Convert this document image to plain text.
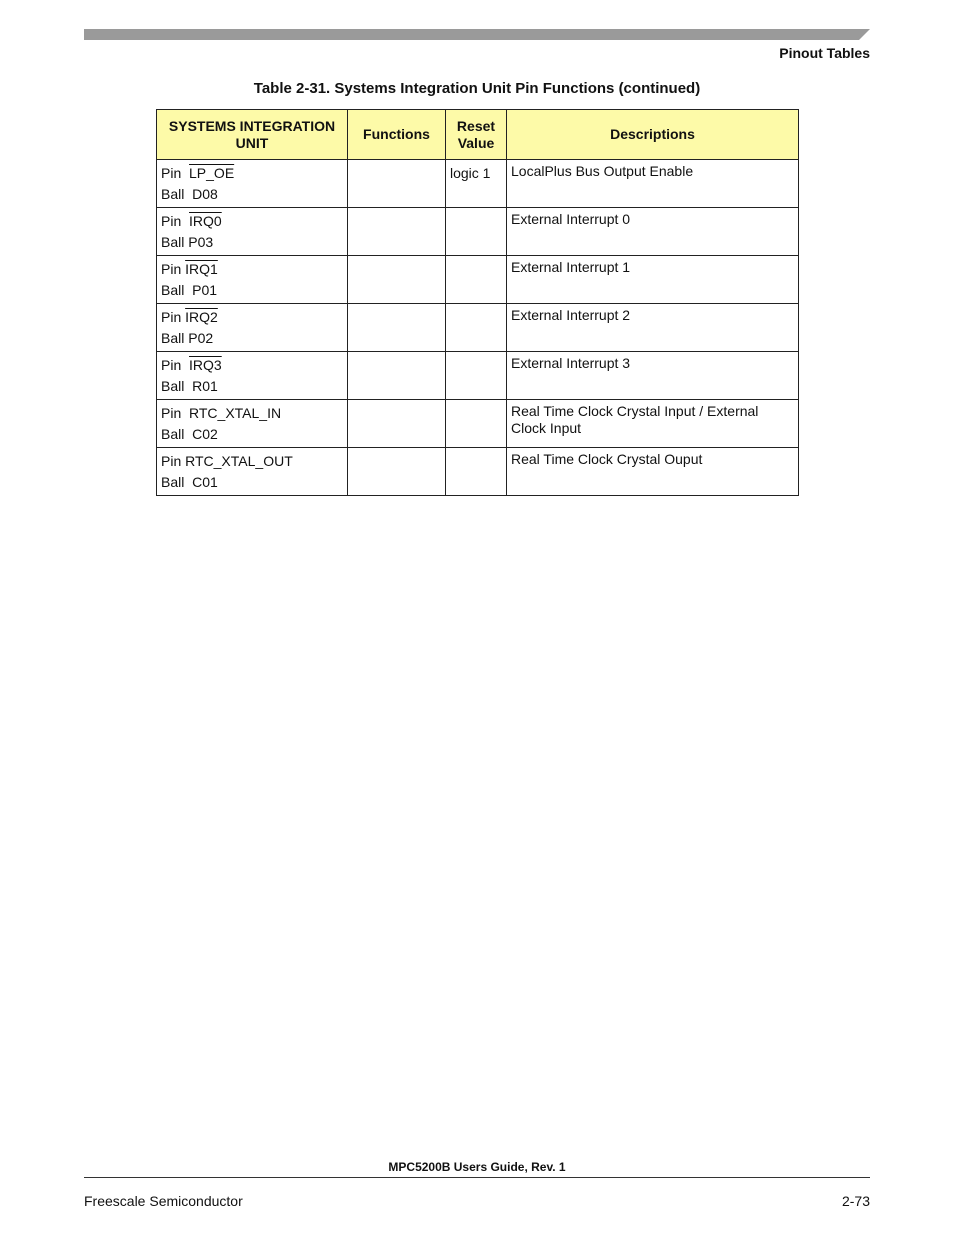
Pinout Tables
Table 2-31. Systems Integration Unit Pin Functions (continued)
SYSTEMS INTEGRATION UNIT	Functions	Reset Value	Descriptions

Pin  LP_OE
Ball  D08		logic 1	LocalPlus Bus Output Enable

Pin  IRQ0
Ball P03			External Interrupt 0

Pin IRQ1
Ball  P01			External Interrupt 1

Pin IRQ2
Ball P02			External Interrupt 2

Pin  IRQ3
Ball  R01			External Interrupt 3

Pin  RTC_XTAL_IN
Ball  C02			Real Time Clock Crystal Input / External Clock Input

Pin RTC_XTAL_OUT
Ball  C01			Real Time Clock Crystal Ouput
MPC5200B Users Guide, Rev. 1
Freescale Semiconductor	2-73
